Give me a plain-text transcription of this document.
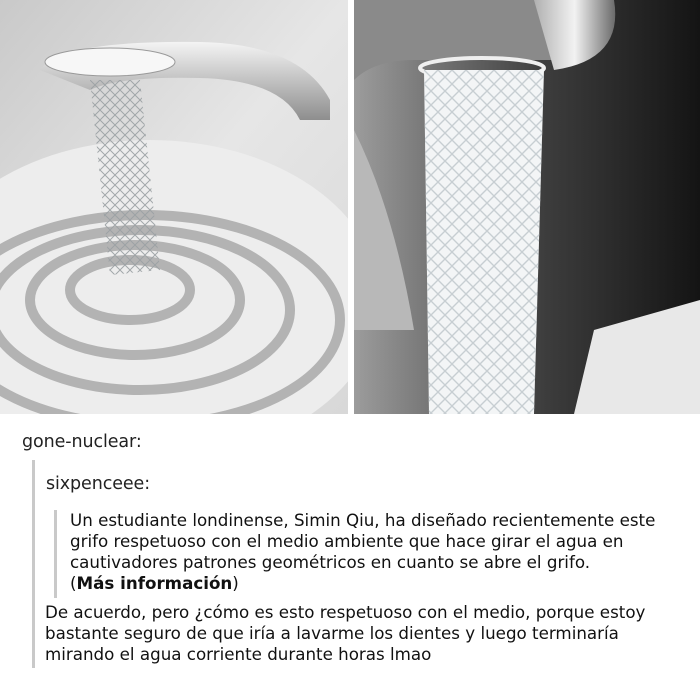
gone-nuclear:
sixpenceee:
Un estudiante londinense, Simin Qiu, ha diseñado recientemente este grifo respetuoso con el medio ambiente que hace girar el agua en cautivadores patrones geométricos en cuanto se abre el grifo.
(Más información)
De acuerdo, pero ¿cómo es esto respetuoso con el medio, porque estoy bastante seguro de que iría a lavarme los dientes y luego terminaría mirando el agua corriente durante horas lmao
